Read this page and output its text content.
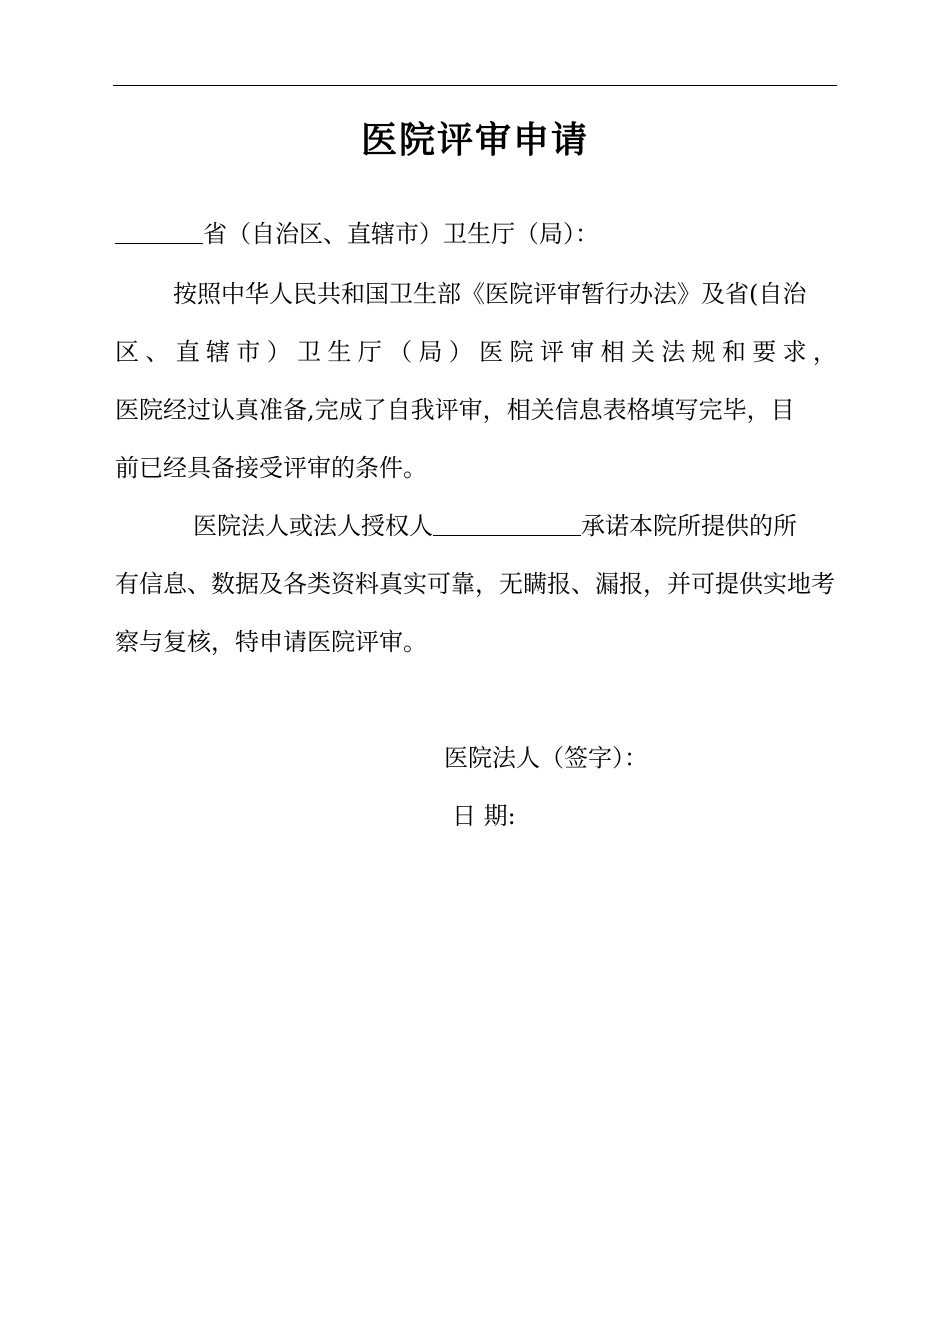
医院评审申请
省（自治区、直辖市）卫生厅（局）：
按照中华人民共和国卫生部《医院评审暂行办法》及省(自治
区 、 直 辖 市 ） 卫 生 厅 （ 局 ） 医 院 评 审 相 关 法 规 和 要 求 ，
医院经过认真准备,完成了自我评审，相关信息表格填写完毕，目
前已经具备接受评审的条件。
医院法人或法人授权人	承诺本院所提供的所
有信息、数据及各类资料真实可靠，无瞒报、漏报，并可提供实地考
察与复核，特申请医院评审。
医院法人（签字）：
日 期:
